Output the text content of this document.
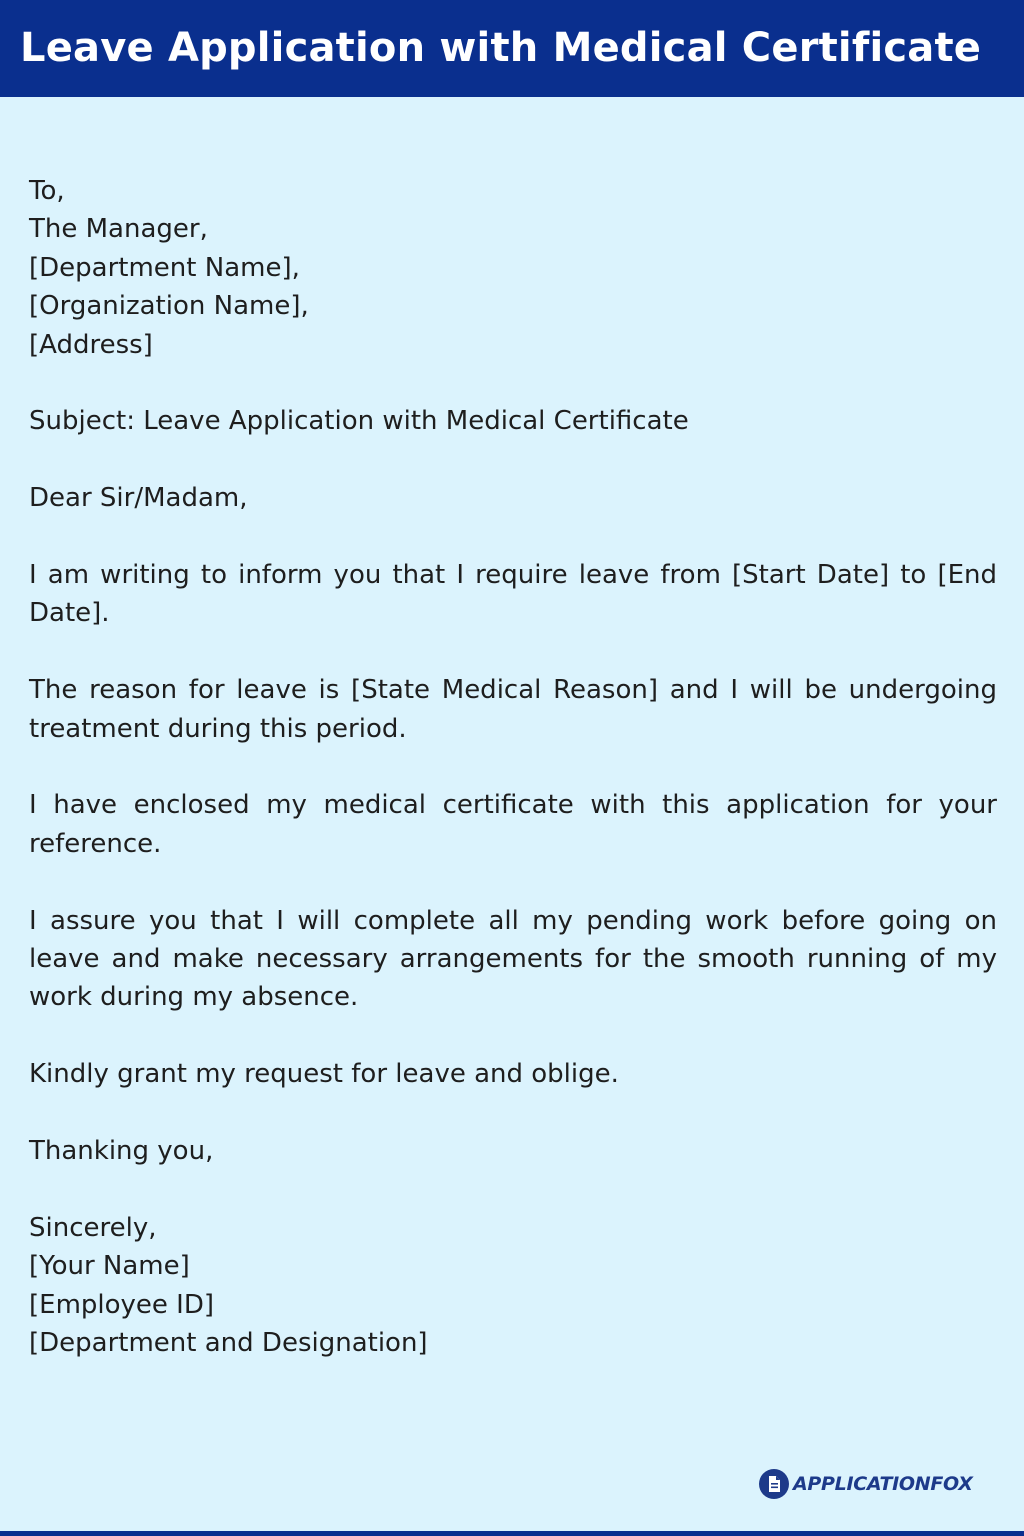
Leave Application with Medical Certificate

To,
The Manager,
[Department Name],
[Organization Name],
[Address]

Subject: Leave Application with Medical Certificate

Dear Sir/Madam,

I am writing to inform you that I require leave from [Start Date] to [End Date].

The reason for leave is [State Medical Reason] and I will be undergoing treatment during this period.

I have enclosed my medical certificate with this application for your reference.

I assure you that I will complete all my pending work before going on leave and make necessary arrangements for the smooth running of my work during my absence.

Kindly grant my request for leave and oblige.

Thanking you,

Sincerely,
[Your Name]
[Employee ID]
[Department and Designation]

APPLICATIONFOX
